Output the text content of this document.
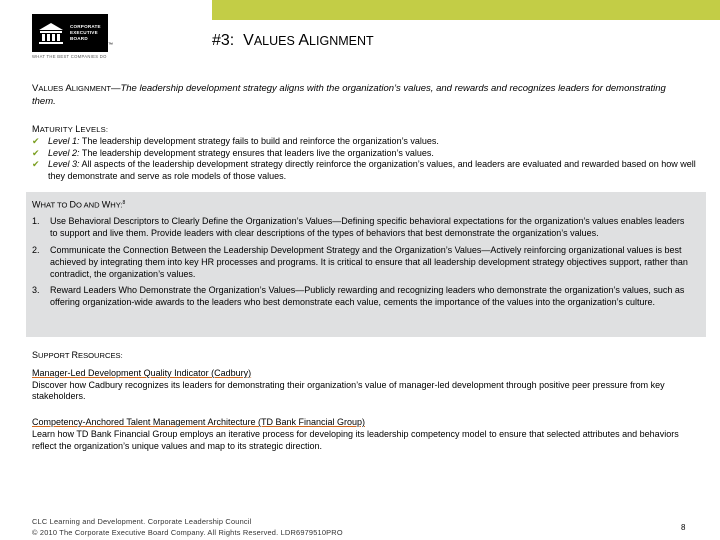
CORPORATE
EXECUTIVE
BOARD
™
WHAT THE BEST COMPANIES DO
#3:  VALUES ALIGNMENT
VALUES ALIGNMENT—The leadership development strategy aligns with the organization’s values, and rewards and recognizes leaders for demonstrating them.
MATURITY LEVELS:
✔ Level 1: The leadership development strategy fails to build and reinforce the organization’s values.
✔ Level 2: The leadership development strategy ensures that leaders live the organization’s values.
✔ Level 3: All aspects of the leadership development strategy directly reinforce the organization’s values, and leaders are evaluated and rewarded based on how well they demonstrate and serve as role models of those values.
WHAT TO DO AND WHY:$^8$
1.	Use Behavioral Descriptors to Clearly Define the Organization’s Values—Defining specific behavioral expectations for the organization’s values enables leaders to support and live them. Provide leaders with clear descriptions of the types of behaviors that best demonstrate the organization’s values.
2.	Communicate the Connection Between the Leadership Development Strategy and the Organization’s Values—Actively reinforcing organizational values is best achieved by integrating them into key HR processes and programs. It is critical to ensure that all leadership development strategy objectives support, rather than contradict, the organization’s values.
3.	Reward Leaders Who Demonstrate the Organization’s Values—Publicly rewarding and recognizing leaders who demonstrate the organization’s values, such as offering organization-wide awards to the leaders who best demonstrate each value, cements the importance of the values into the organization’s culture.
SUPPORT RESOURCES:
Manager-Led Development Quality Indicator (Cadbury)
Discover how Cadbury recognizes its leaders for demonstrating their organization’s value of manager-led development through positive peer pressure from key stakeholders.
Competency-Anchored Talent Management Architecture (TD Bank Financial Group)
Learn how TD Bank Financial Group employs an iterative process for developing its leadership competency model to ensure that selected attributes and behaviors reflect the organization’s unique values and map to its strategic direction.
CLC Learning and Development. Corporate Leadership Council
© 2010 The Corporate Executive Board Company. All Rights Reserved. LDR6979510PRO	8
